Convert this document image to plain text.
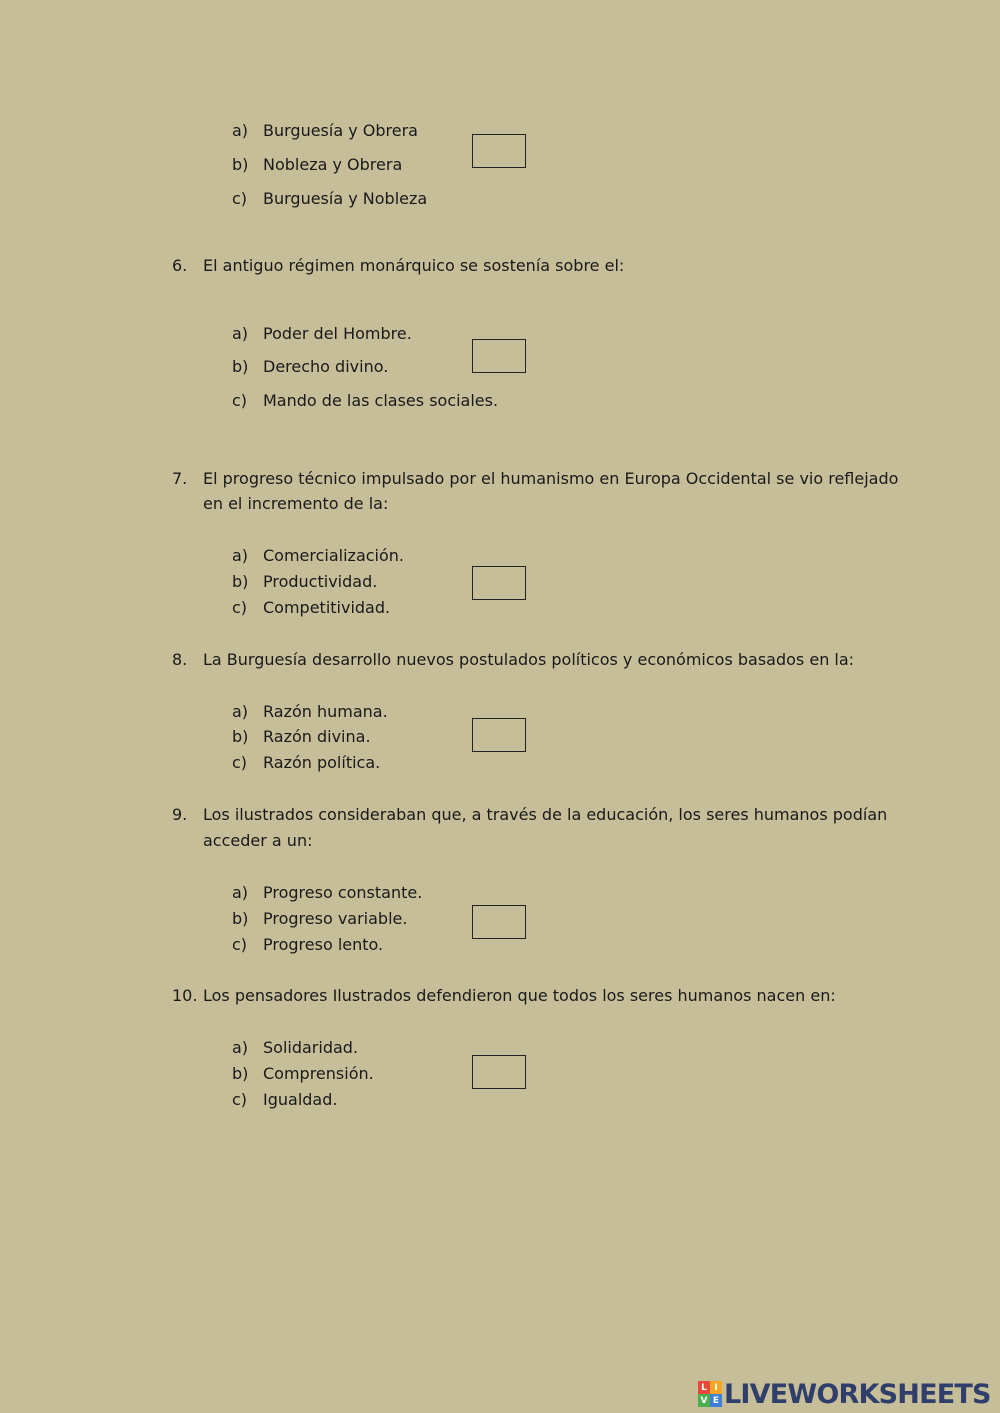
a) Burguesía y Obrera
b) Nobleza y Obrera
c) Burguesía y Nobleza
6. El antiguo régimen monárquico se sostenía sobre el:
a) Poder del Hombre.
b) Derecho divino.
c) Mando de las clases sociales.
7. El progreso técnico impulsado por el humanismo en Europa Occidental se vio reflejado
en el incremento de la:
a) Comercialización.
b) Productividad.
c) Competitividad.
8. La Burguesía desarrollo nuevos postulados políticos y económicos basados en la:
a) Razón humana.
b) Razón divina.
c) Razón política.
9. Los ilustrados consideraban que, a través de la educación, los seres humanos podían
acceder a un:
a) Progreso constante.
b) Progreso variable.
c) Progreso lento.
10. Los pensadores Ilustrados defendieron que todos los seres humanos nacen en:
a) Solidaridad.
b) Comprensión.
c) Igualdad.
L I
V E LIVEWORKSHEETS
